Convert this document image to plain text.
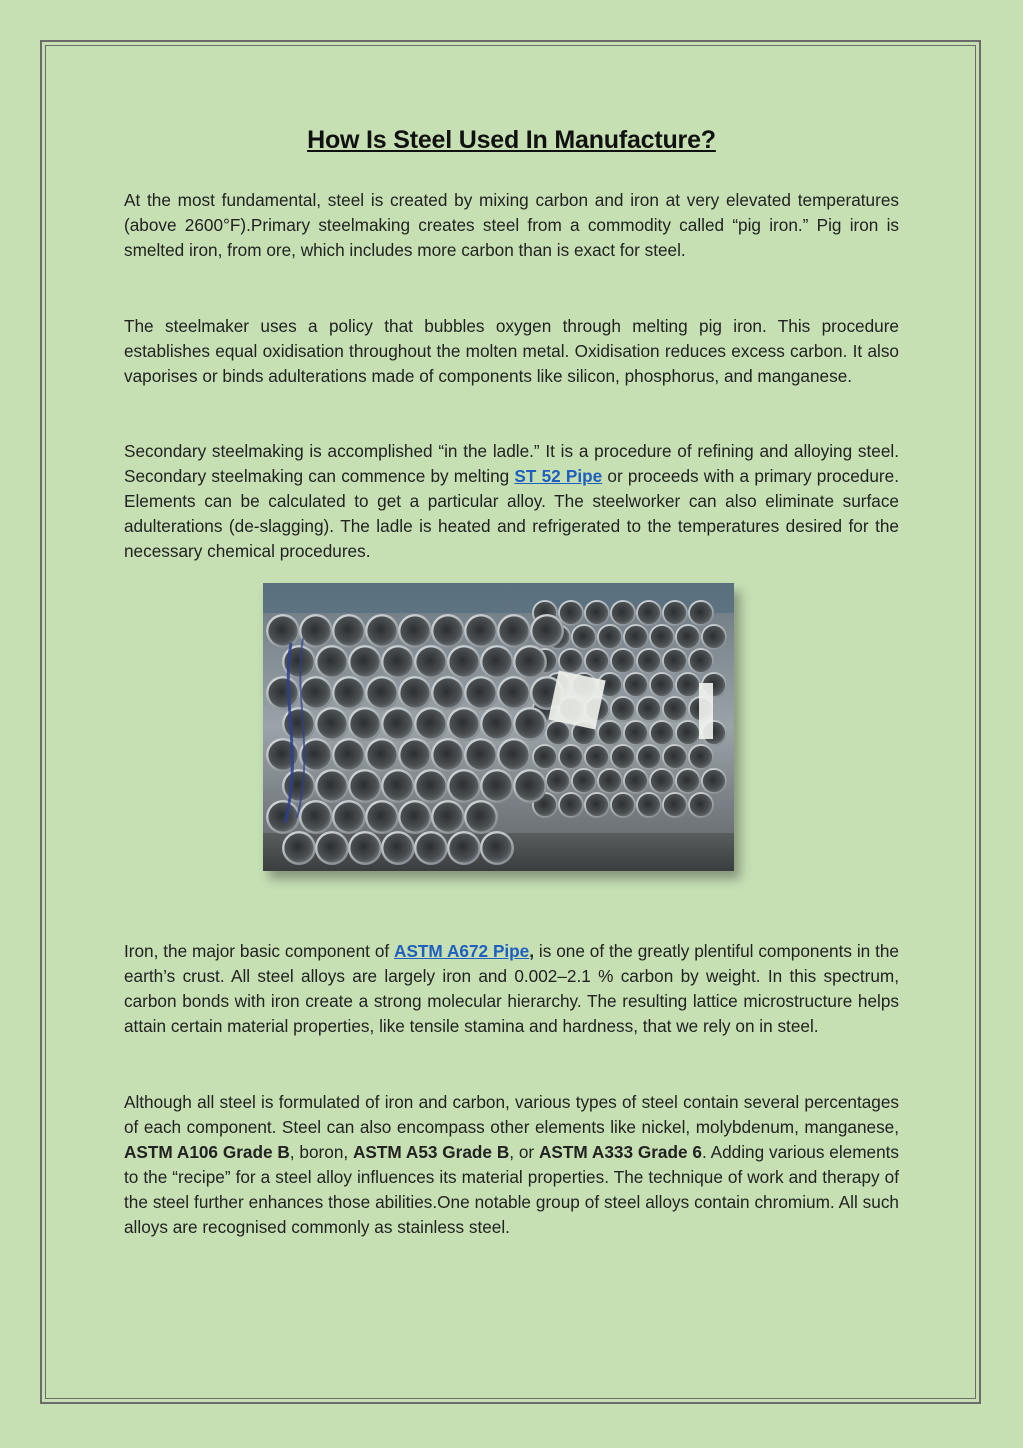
How Is Steel Used In Manufacture?

At the most fundamental, steel is created by mixing carbon and iron at very elevated temperatures (above 2600°F).Primary steelmaking creates steel from a commodity called “pig iron.” Pig iron is smelted iron, from ore, which includes more carbon than is exact for steel.

The steelmaker uses a policy that bubbles oxygen through melting pig iron. This procedure establishes equal oxidisation throughout the molten metal. Oxidisation reduces excess carbon. It also vaporises or binds adulterations made of components like silicon, phosphorus, and manganese.

Secondary steelmaking is accomplished “in the ladle.” It is a procedure of refining and alloying steel. Secondary steelmaking can commence by melting ST 52 Pipe or proceeds with a primary procedure. Elements can be calculated to get a particular alloy. The steelworker can also eliminate surface adulterations (de-slagging). The ladle is heated and refrigerated to the temperatures desired for the necessary chemical procedures.

Iron, the major basic component of ASTM A672 Pipe, is one of the greatly plentiful components in the earth’s crust. All steel alloys are largely iron and 0.002–2.1 % carbon by weight. In this spectrum, carbon bonds with iron create a strong molecular hierarchy. The resulting lattice microstructure helps attain certain material properties, like tensile stamina and hardness, that we rely on in steel.

Although all steel is formulated of iron and carbon, various types of steel contain several percentages of each component. Steel can also encompass other elements like nickel, molybdenum, manganese, ASTM A106 Grade B, boron, ASTM A53 Grade B, or ASTM A333 Grade 6. Adding various elements to the “recipe” for a steel alloy influences its material properties. The technique of work and therapy of the steel further enhances those abilities.One notable group of steel alloys contain chromium. All such alloys are recognised commonly as stainless steel.
